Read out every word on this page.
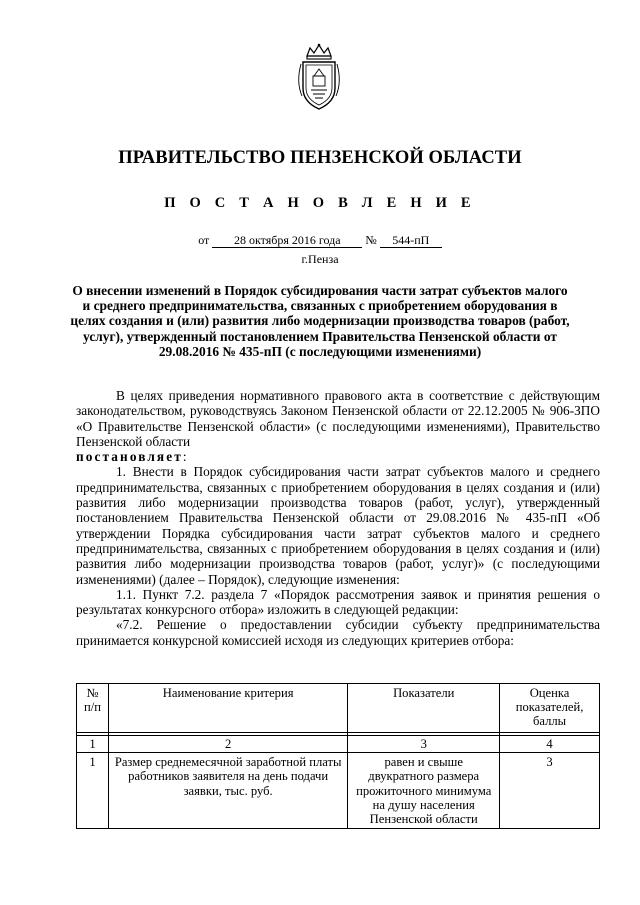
ПРАВИТЕЛЬСТВО ПЕНЗЕНСКОЙ ОБЛАСТИ
П О С Т А Н О В Л Е Н И Е
от 28 октября 2016 года № 544-пП
г.Пенза
О внесении изменений в Порядок субсидирования части затрат субъектов малого и среднего предпринимательства, связанных с приобретением оборудования в целях создания и (или) развития либо модернизации производства товаров (работ, услуг), утвержденный постановлением Правительства Пензенской области от 29.08.2016 № 435-пП (с последующими изменениями)

В целях приведения нормативного правового акта в соответствие с действующим законодательством, руководствуясь Законом Пензенской области от 22.12.2005 № 906-ЗПО «О Правительстве Пензенской области» (с последующими изменениями), Правительство Пензенской области
постановляет:

1. Внести в Порядок субсидирования части затрат субъектов малого и среднего предпринимательства, связанных с приобретением оборудования в целях создания и (или) развития либо модернизации производства товаров (работ, услуг), утвержденный постановлением Правительства Пензенской области от 29.08.2016 № 435-пП «Об утверждении Порядка субсидирования части затрат субъектов малого и среднего предпринимательства, связанных с приобретением оборудования в целях создания и (или) развития либо модернизации производства товаров (работ, услуг)» (с последующими изменениями) (далее – Порядок), следующие изменения:

1.1. Пункт 7.2. раздела 7 «Порядок рассмотрения заявок и принятия решения о результатах конкурсного отбора» изложить в следующей редакции:

«7.2. Решение о предоставлении субсидии субъекту предпринимательства принимается конкурсной комиссией исходя из следующих критериев отбора:

№ п/п	Наименование критерия	Показатели	Оценка показателей, баллы

1	2	3	4
1	Размер среднемесячной заработной платы работников заявителя на день подачи заявки, тыс. руб.	равен и свыше двукратного размера прожиточного минимума на душу населения Пензенской области	3
